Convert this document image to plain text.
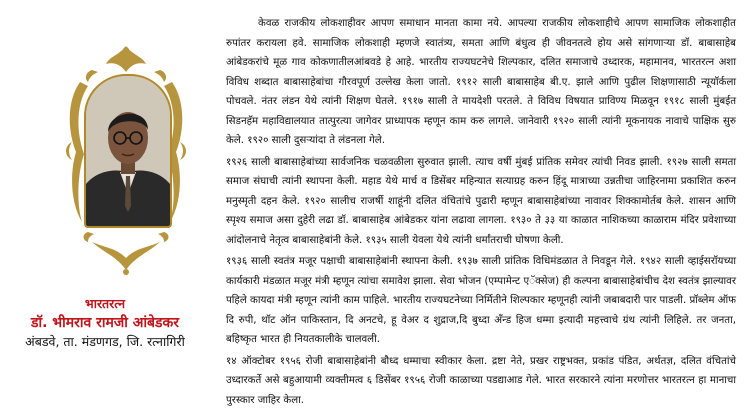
भारतरत्न
डॉ. भीमराव रामजी आंबेडकर
अंबडवे, ता. मंडणगड, जि. रत्नागिरी

केवळ राजकीय लोकशाहीवर आपण समाधान मानता कामा नये. आपल्या राजकीय लोकशाहीचे आपण सामाजिक लोकशाहीत रुपांतर करायला हवे. सामाजिक लोकशाही म्हणजे स्वातंत्र्य, समता आणि बंधुत्व ही जीवनतत्वे होय असे सांगणाऱ्या डॉ. बाबासाहेब आंबेडकरांचे मूळ गाव कोकणातीलआंबवडे हे आहे. भारतीय राज्यघटनेचे शिल्पकार, दलित समाजाचे उध्दारक, महामानव, भारतरत्न अशा विविध शब्दात बाबासाहेबांचा गौरवपूर्ण उल्लेख केला जातो. १९१२ साली बाबासाहेब बी.ए. झाले आणि पुढील शिक्षणासाठी न्यूयॉर्कला पोचवले. नंतर लंडन येथे त्यांनी शिक्षण घेतले. १९१७ साली ते मायदेशी परतले. ते विविध विषयात प्राविण्य मिळवून १९१८ साली मुंबईत सिडनहॅम महाविद्यालयात तात्पुरत्या जागेवर प्राध्यापक म्हणून काम करु लागले. जानेवारी १९२० साली त्यांनी मूकनायक नावाचे पाक्षिक सुरु केले. १९२० साली दुसऱ्यांदा ते लंडनला गेले.

१९२६ साली बाबासाहेबांच्या सार्वजनिक चळवळीला सुरुवात झाली. त्याच वर्षी मुंबई प्रांतिक समेवर त्यांची निवड झाली. १९२७ साली समता समाज संघाची त्यांनी स्थापना केली. महाड येथे मार्च व डिसेंबर महिन्यात सत्याग्रह करुन हिंदू मात्राच्या उन्नतीचा जाहिरनामा प्रकाशित करुन मनुस्मृती दहन केले. १९२० सालीच राजर्षी शाहूंनी दलित वंचितांचे पुढारी म्हणून बाबासाहेबांच्या नावावर शिक्कामोर्तब केले. शासन आणि स्पृश्य समाज असा दुहेरी लढा डॉ. बाबासाहेब आंबेडकर यांना लढावा लागला. १९३० ते ३३ या काळात नाशिकच्या काळाराम मंदिर प्रवेशाच्या आंदोलनाचे नेतृत्व बाबासाहेबांनी केले. १९३५ साली येवला येथे त्यांनी धर्मांतराची घोषणा केली.

१९३६ साली स्वतंत्र मजूर पक्षाची बाबासाहेबांनी स्थापना केली. १९३७ साली प्रांतिक विधिमंडळात ते निवडून गेले. १९४२ साली व्हाईसरॉयच्या कार्यकारी मंडळात मजूर मंत्री म्हणून त्यांचा समावेश झाला. सेवा भोजन (एम्पामेन्ट एॅक्सेज) ही कल्पना बाबासाहेबांचीच देश स्वतंत्र झाल्यावर पहिले कायदा मंत्री म्हणून त्यांनी काम पाहिले. भारतीय राज्यघटनेच्या निर्मितीने शिल्पकार म्हणूनही त्यांनी जबाबदारी पार पाडली. प्रॉब्लेम ऑफ दि रुपी, थॉट ऑन पाकिस्तान, दि अनटचे, हू वेअर द शुद्राज,दि बुध्दा अँन्ड हिज धम्मा इत्यादी महत्त्वाचे ग्रंथ त्यांनी लिहिले. तर जनता, बहिष्कृत भारत ही नियतकालीके चालवली.

१४ ऑक्टोबर १९५६ रोजी बाबासाहेबांनी बौध्द धम्माचा स्वीकार केला. द्रष्टा नेते, प्रखर राष्ट्रभक्त, प्रकांड पंडित, अर्थतज्ञ, दलित वंचितांचे उध्दारकर्ते असे बहुआयामी व्यक्तीमत्व ६ डिसेंबर १९५६ रोजी काळाच्या पडद्याआड गेले. भारत सरकारने त्यांना मरणोत्तर भारतरत्न हा मानाचा पुरस्कार जाहिर केला.
